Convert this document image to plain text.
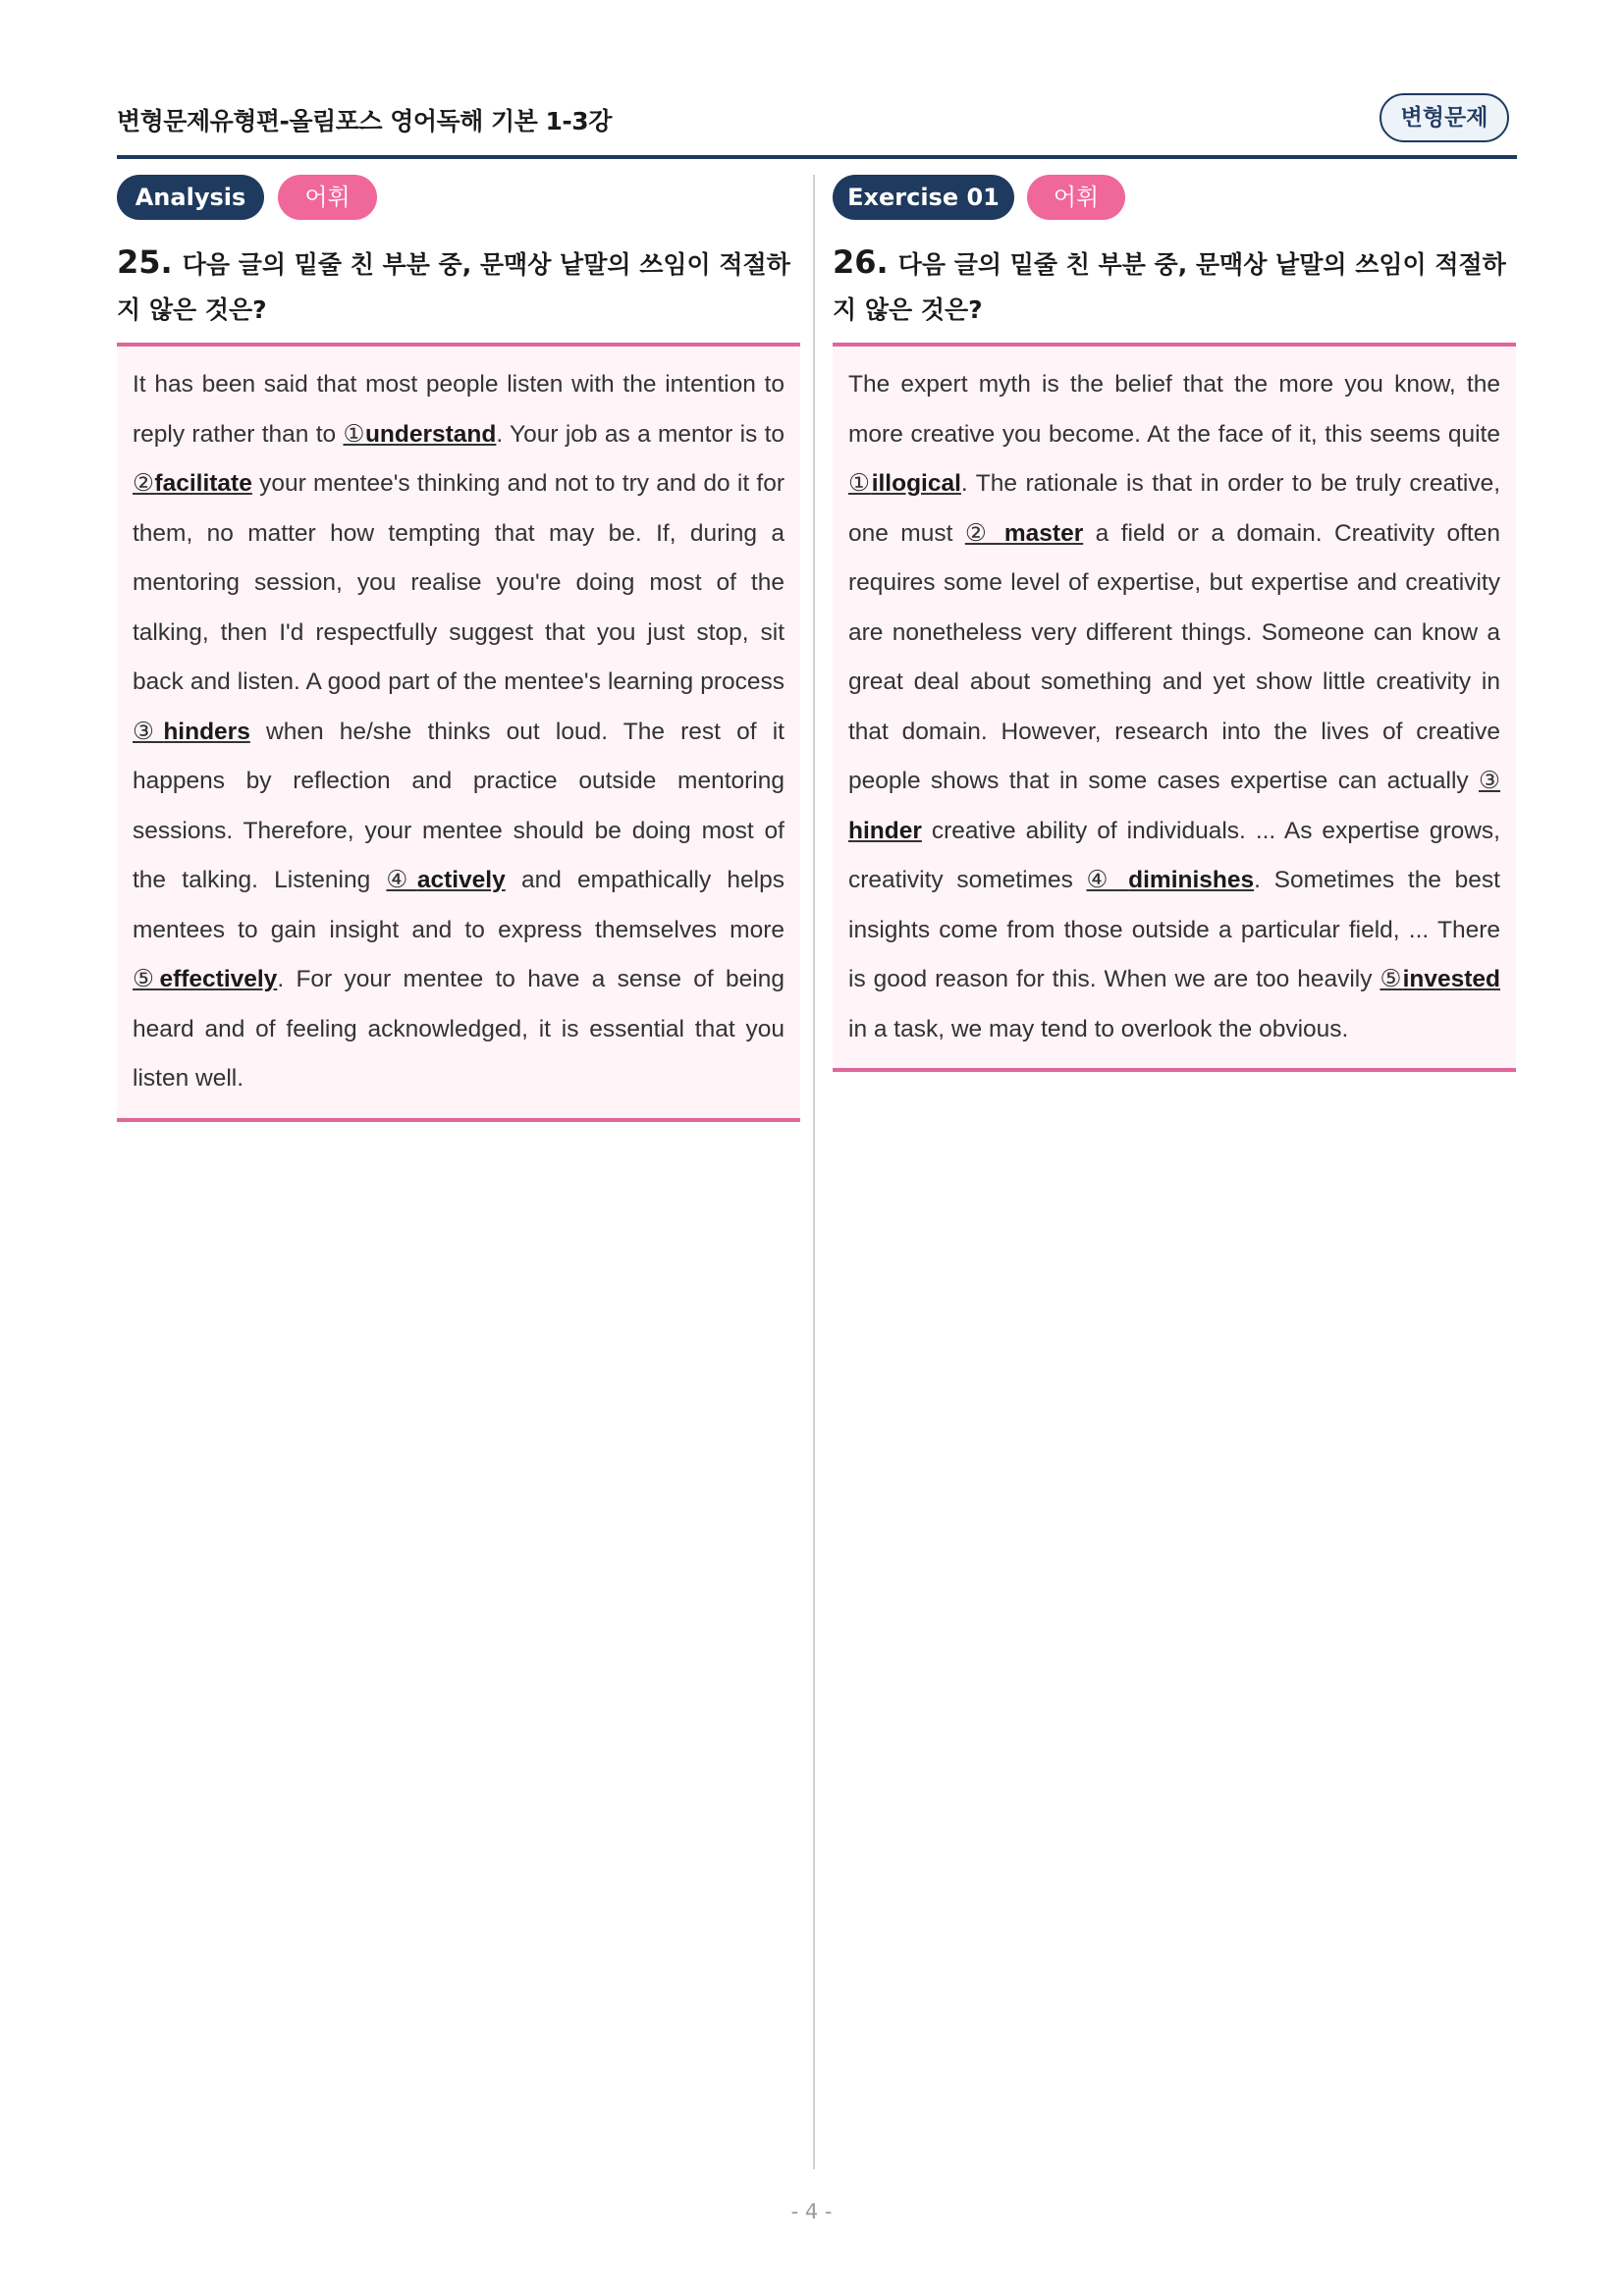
변형문제유형편-올림포스 영어독해 기본 1-3강	변형문제
Analysis	어휘
25. 다음 글의 밑줄 친 부분 중, 문맥상 낱말의 쓰임이 적절하지 않은 것은?
It has been said that most people listen with the intention to reply rather than to ①understand. Your job as a mentor is to ②facilitate your mentee's thinking and not to try and do it for them, no matter how tempting that may be. If, during a mentoring session, you realise you're doing most of the talking, then I'd respectfully suggest that you just stop, sit back and listen. A good part of the mentee's learning process ③hinders when he/she thinks out loud. The rest of it happens by reflection and practice outside mentoring sessions. Therefore, your mentee should be doing most of the talking. Listening ④actively and empathically helps mentees to gain insight and to express themselves more ⑤effectively. For your mentee to have a sense of being heard and of feeling acknowledged, it is essential that you listen well.
Exercise 01	어휘
26. 다음 글의 밑줄 친 부분 중, 문맥상 낱말의 쓰임이 적절하지 않은 것은?
The expert myth is the belief that the more you know, the more creative you become. At the face of it, this seems quite ①illogical. The rationale is that in order to be truly creative, one must ② master a field or a domain. Creativity often requires some level of expertise, but expertise and creativity are nonetheless very different things. Someone can know a great deal about something and yet show little creativity in that domain. However, research into the lives of creative people shows that in some cases expertise can actually ③ hinder creative ability of individuals. ... As expertise grows, creativity sometimes ④ diminishes. Sometimes the best insights come from those outside a particular field, ... There is good reason for this. When we are too heavily ⑤invested in a task, we may tend to overlook the obvious.
- 4 -
